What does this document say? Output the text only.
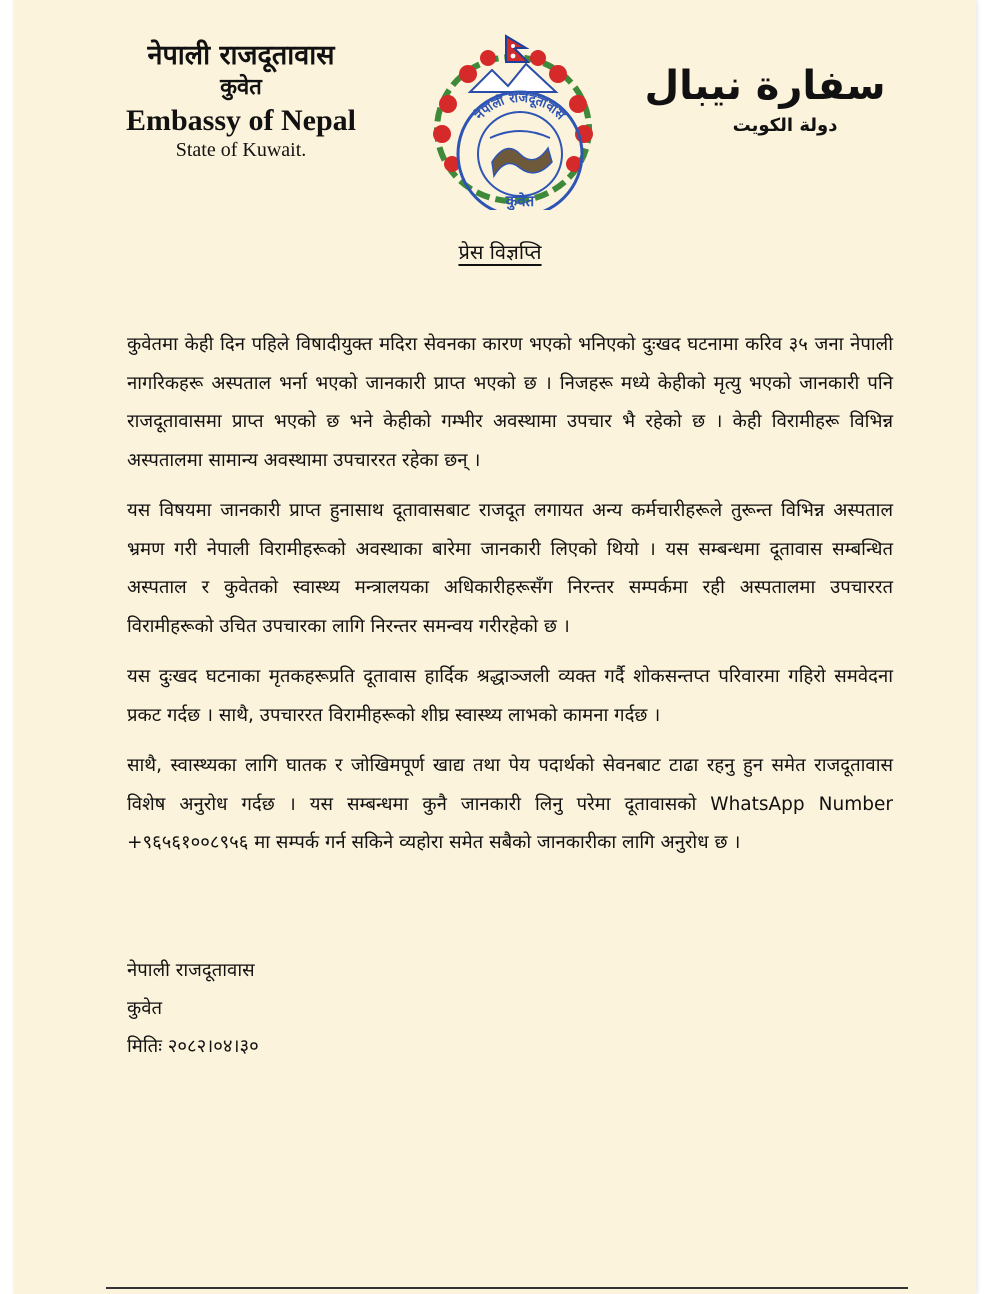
नेपाली राजदूतावास
कुवेत
Embassy of Nepal
State of Kuwait.
नेपाली राजदूतावास
कुवेत
سفارة نيبال
دولة الكويت
प्रेस विज्ञप्ति

कुवेतमा केही दिन पहिले विषादीयुक्त मदिरा सेवनका कारण भएको भनिएको दुःखद घटनामा करिव ३५ जना नेपाली नागरिकहरू अस्पताल भर्ना भएको जानकारी प्राप्त भएको छ । निजहरू मध्ये केहीको मृत्यु भएको जानकारी पनि राजदूतावासमा प्राप्त भएको छ भने केहीको गम्भीर अवस्थामा उपचार भै रहेको छ । केही विरामीहरू विभिन्न अस्पतालमा सामान्य अवस्थामा उपचाररत रहेका छन् ।

यस विषयमा जानकारी प्राप्त हुनासाथ दूतावासबाट राजदूत लगायत अन्य कर्मचारीहरूले तुरून्त विभिन्न अस्पताल भ्रमण गरी नेपाली विरामीहरूको अवस्थाका बारेमा जानकारी लिएको थियो । यस सम्बन्धमा दूतावास सम्बन्धित अस्पताल र कुवेतको स्वास्थ्य मन्त्रालयका अधिकारीहरूसँग निरन्तर सम्पर्कमा रही अस्पतालमा उपचाररत विरामीहरूको उचित उपचारका लागि निरन्तर समन्वय गरीरहेको छ ।

यस दुःखद घटनाका मृतकहरूप्रति दूतावास हार्दिक श्रद्धाञ्जली व्यक्त गर्दै शोकसन्तप्त परिवारमा गहिरो समवेदना प्रकट गर्दछ । साथै, उपचाररत विरामीहरूको शीघ्र स्वास्थ्य लाभको कामना गर्दछ ।

साथै, स्वास्थ्यका लागि घातक र जोखिमपूर्ण खाद्य तथा पेय पदार्थको सेवनबाट टाढा रहनु हुन समेत राजदूतावास विशेष अनुरोध गर्दछ । यस सम्बन्धमा कुनै जानकारी लिनु परेमा दूतावासको WhatsApp Number +९६५६१००८९५६ मा सम्पर्क गर्न सकिने व्यहोरा समेत सबैको जानकारीका लागि अनुरोध छ ।

नेपाली राजदूतावास
कुवेत
मितिः २०८२।०४।३०
